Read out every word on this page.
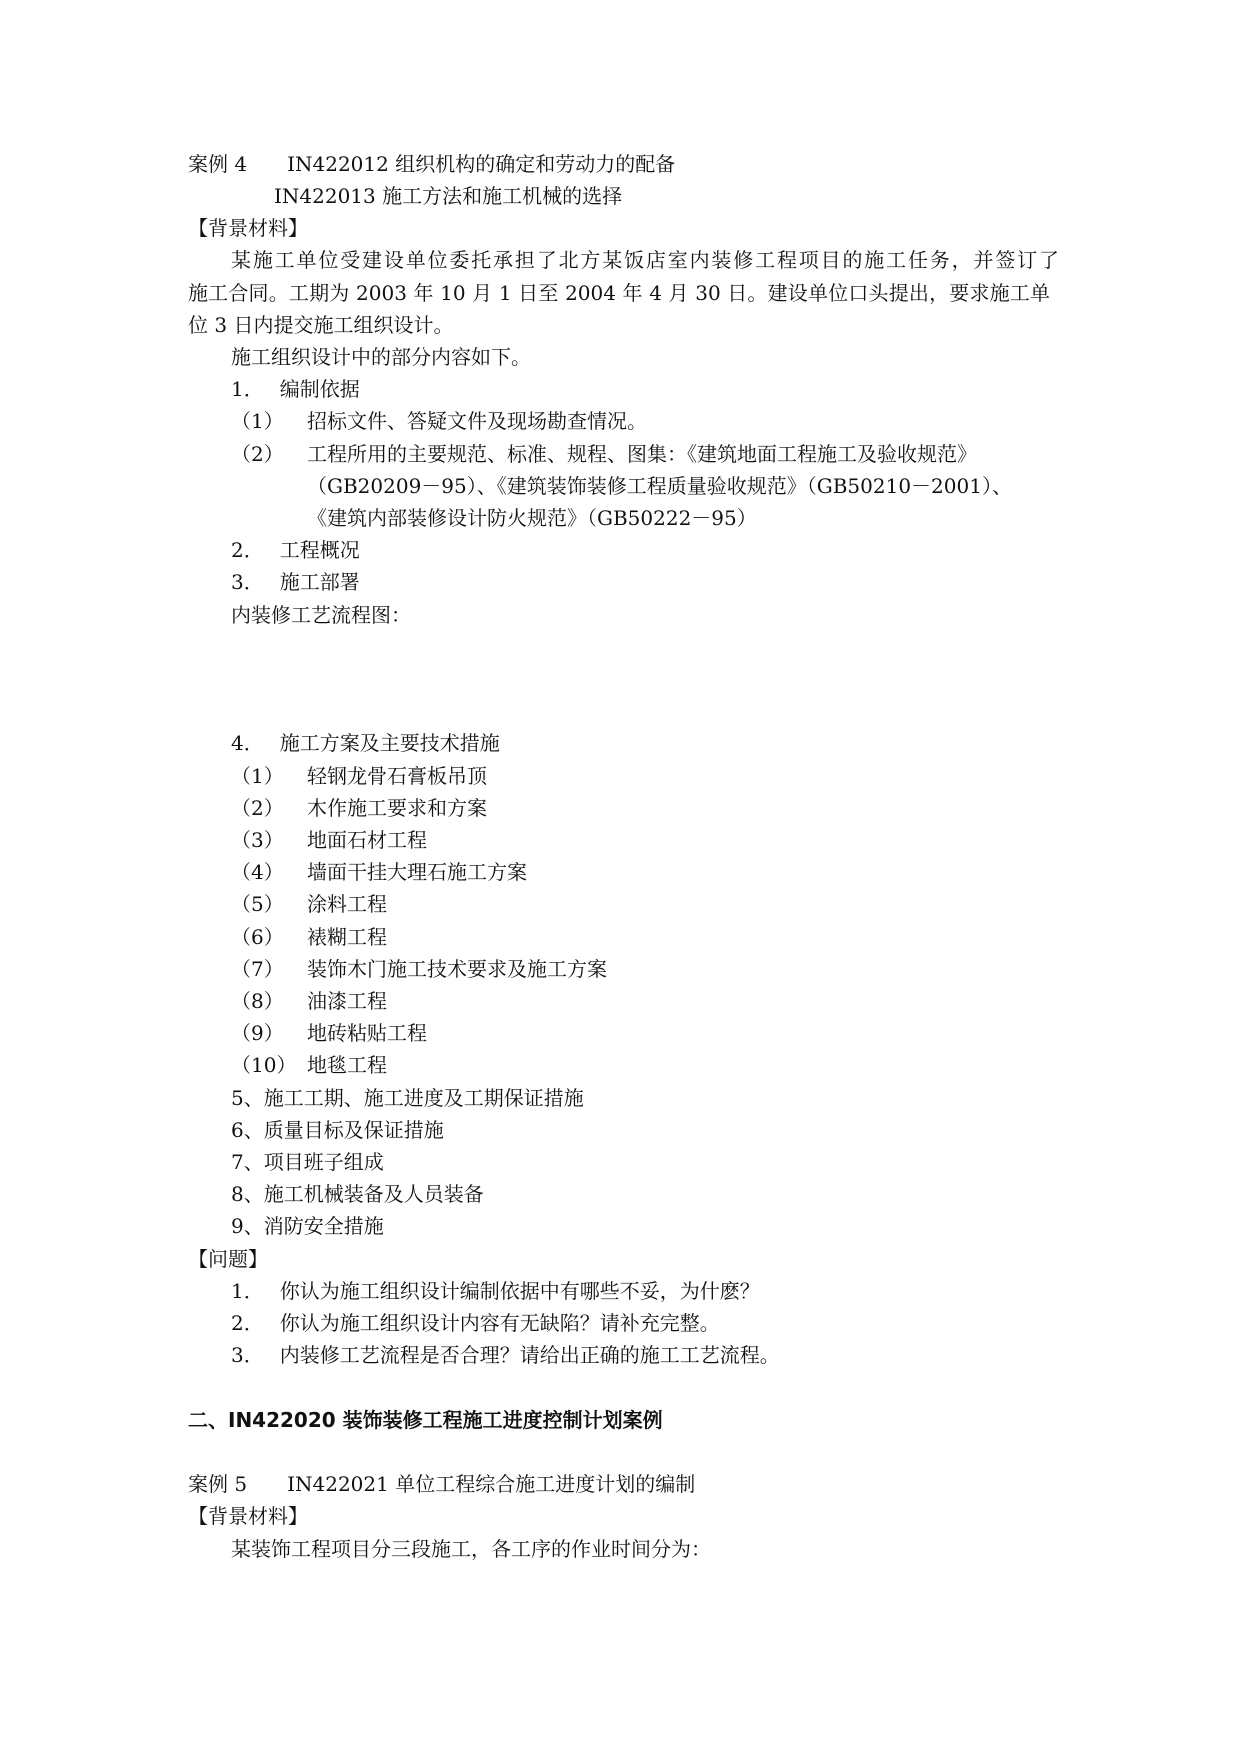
案例 4 IN422012 组织机构的确定和劳动力的配备
IN422013 施工方法和施工机械的选择
【背景材料】
某施工单位受建设单位委托承担了北方某饭店室内装修工程项目的施工任务，并签订了
施工合同。工期为 2003 年 10 月 1 日至 2004 年 4 月 30 日。建设单位口头提出，要求施工单
位 3 日内提交施工组织设计。
施工组织设计中的部分内容如下。
1． 编制依据
（1） 招标文件、答疑文件及现场勘查情况。
（2） 工程所用的主要规范、标准、规程、图集：《建筑地面工程施工及验收规范》
（GB20209－95）、《建筑装饰装修工程质量验收规范》（GB50210－2001）、
《建筑内部装修设计防火规范》（GB50222－95）
2． 工程概况
3． 施工部署
内装修工艺流程图：
4． 施工方案及主要技术措施
（1） 轻钢龙骨石膏板吊顶
（2） 木作施工要求和方案
（3） 地面石材工程
（4） 墙面干挂大理石施工方案
（5） 涂料工程
（6） 裱糊工程
（7） 装饰木门施工技术要求及施工方案
（8） 油漆工程
（9） 地砖粘贴工程
（10） 地毯工程
5、施工工期、施工进度及工期保证措施
6、质量目标及保证措施
7、项目班子组成
8、施工机械装备及人员装备
9、消防安全措施
【问题】
1． 你认为施工组织设计编制依据中有哪些不妥，为什麽？
2． 你认为施工组织设计内容有无缺陷？请补充完整。
3． 内装修工艺流程是否合理？请给出正确的施工工艺流程。
二、IN422020 装饰装修工程施工进度控制计划案例
案例 5 IN422021 单位工程综合施工进度计划的编制
【背景材料】
某装饰工程项目分三段施工，各工序的作业时间分为：
